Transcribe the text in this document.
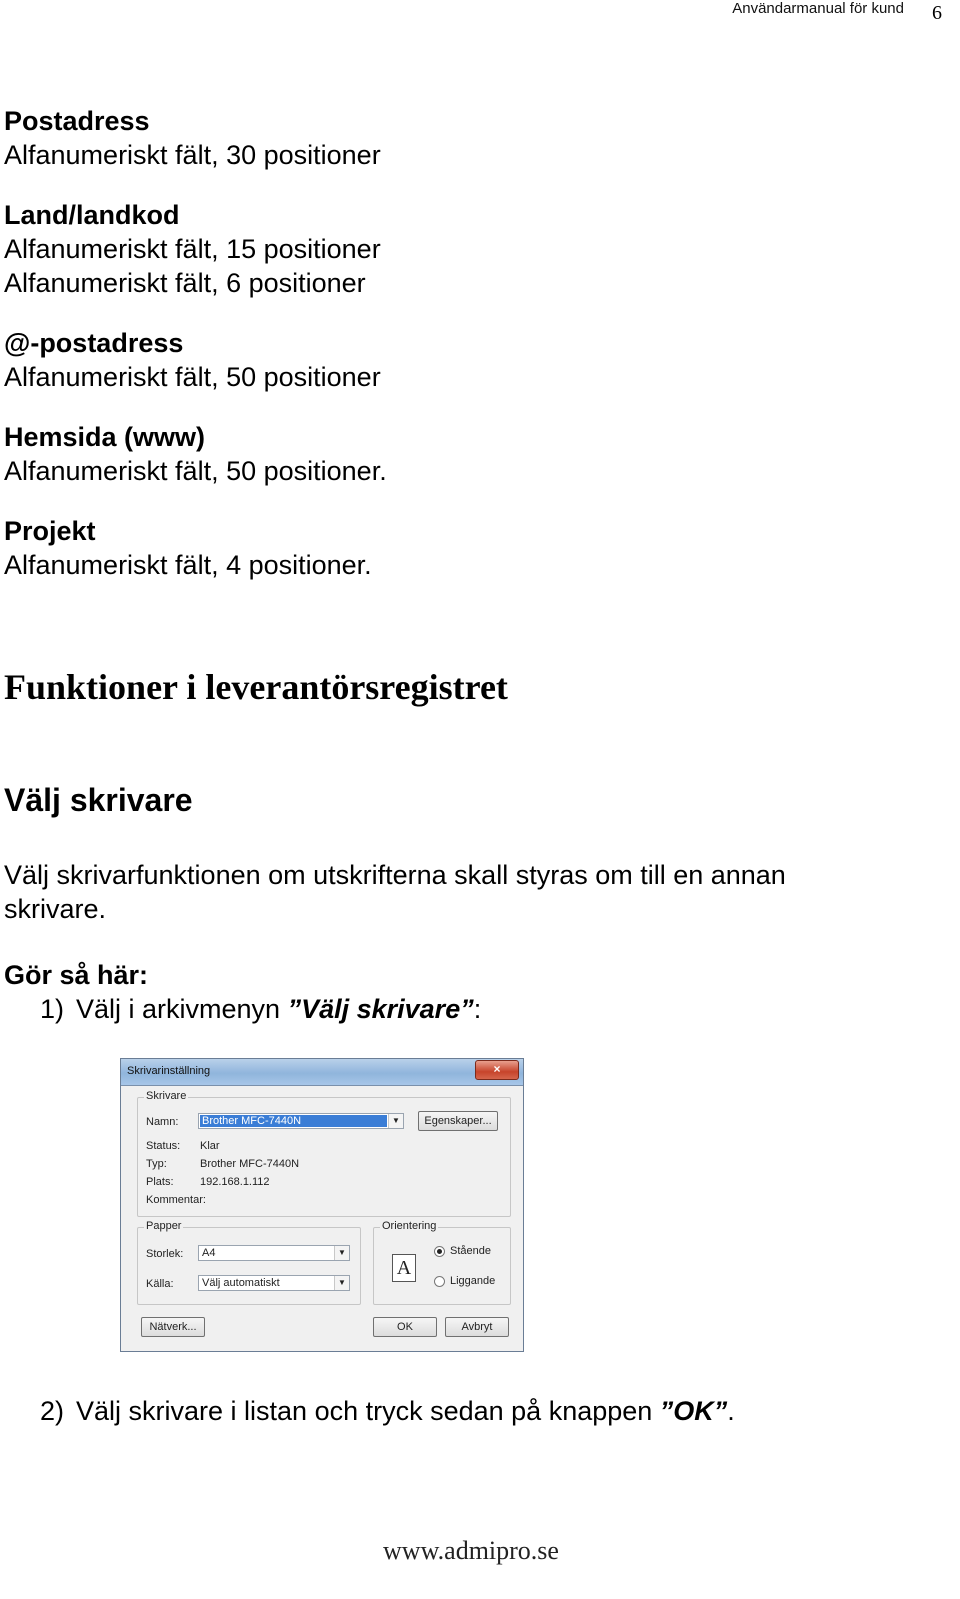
Användarmanual för kund 6
Postadress

Alfanumeriskt fält, 30 positioner

Land/landkod

Alfanumeriskt fält, 15 positioner

Alfanumeriskt fält, 6 positioner

@-postadress

Alfanumeriskt fält, 50 positioner

Hemsida (www)

Alfanumeriskt fält, 50 positioner.

Projekt

Alfanumeriskt fält, 4 positioner.

Funktioner i leverantörsregistret
Välj skrivare
Välj skrivarfunktionen om utskrifterna skall styras om till en annan skrivare.
Gör så här:
1) Välj i arkivmenyn ”Välj skrivare”:
Skrivarinställning	×
Skrivare
Namn: Brother MFC-7440N	▼	Egenskaper...
Status: Klar
Typ:	Brother MFC-7440N
Plats: 192.168.1.112
Kommentar:
Papper
Storlek: A4	▼
Källa:	Välj automatiskt	▼
Orientering
A
Stående
Liggande
Nätverk...	OK	Avbryt
2) Välj skrivare i listan och tryck sedan på knappen ”OK”.
www.admipro.se
